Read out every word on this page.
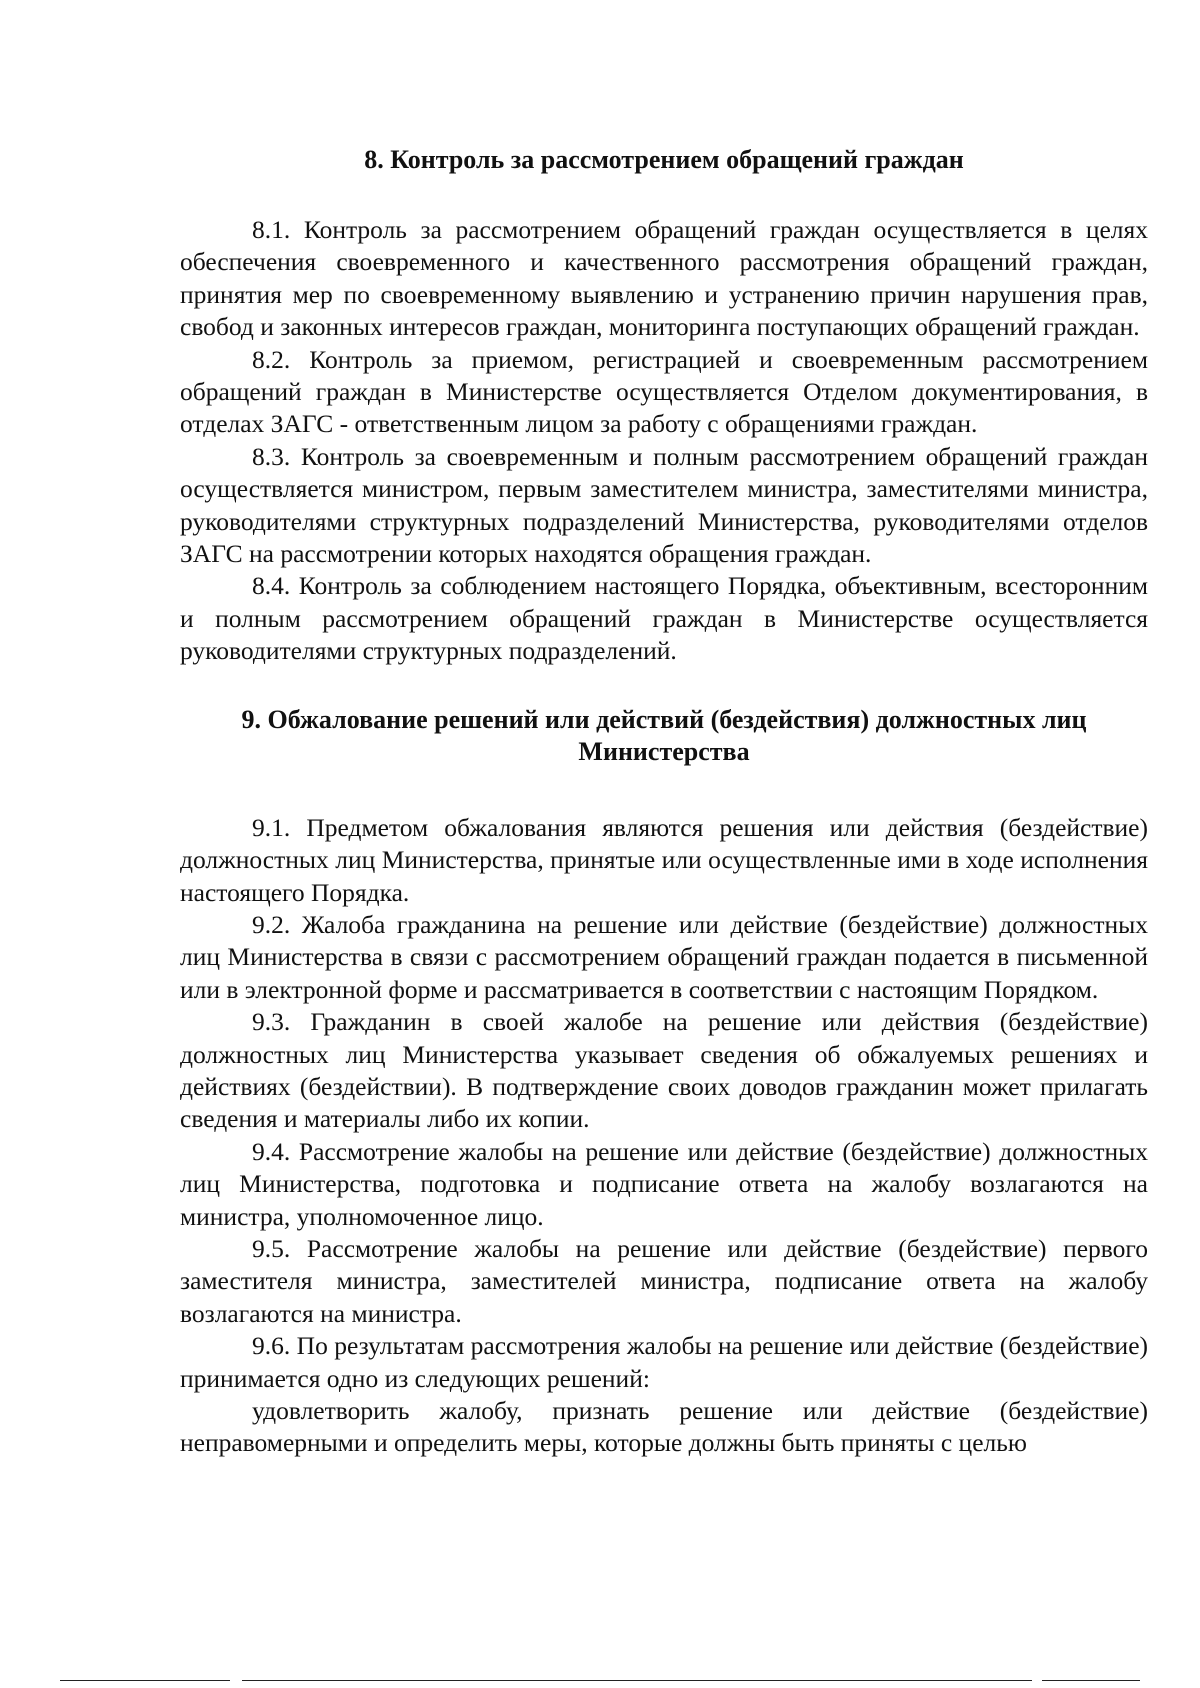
8. Контроль за рассмотрением обращений граждан

8.1. Контроль за рассмотрением обращений граждан осуществляется в целях обеспечения своевременного и качественного рассмотрения обращений граждан, принятия мер по своевременному выявлению и устранению причин нарушения прав, свобод и законных интересов граждан, мониторинга поступающих обращений граждан.

8.2. Контроль за приемом, регистрацией и своевременным рассмотрением обращений граждан в Министерстве осуществляется Отделом документирования, в отделах ЗАГС - ответственным лицом за работу с обращениями граждан.

8.3. Контроль за своевременным и полным рассмотрением обращений граждан осуществляется министром, первым заместителем министра, заместителями министра, руководителями структурных подразделений Министерства, руководителями отделов ЗАГС на рассмотрении которых находятся обращения граждан.

8.4. Контроль за соблюдением настоящего Порядка, объективным, всесторонним и полным рассмотрением обращений граждан в Министерстве осуществляется руководителями структурных подразделений.

9. Обжалование решений или действий (бездействия) должностных лиц
Министерства

9.1. Предметом обжалования являются решения или действия (бездействие) должностных лиц Министерства, принятые или осуществленные ими в ходе исполнения настоящего Порядка.

9.2. Жалоба гражданина на решение или действие (бездействие) должностных лиц Министерства в связи с рассмотрением обращений граждан подается в письменной или в электронной форме и рассматривается в соответствии с настоящим Порядком.

9.3. Гражданин в своей жалобе на решение или действия (бездействие) должностных лиц Министерства указывает сведения об обжалуемых решениях и действиях (бездействии). В подтверждение своих доводов гражданин может прилагать сведения и материалы либо их копии.

9.4. Рассмотрение жалобы на решение или действие (бездействие) должностных лиц Министерства, подготовка и подписание ответа на жалобу возлагаются на министра, уполномоченное лицо.

9.5. Рассмотрение жалобы на решение или действие (бездействие) первого заместителя министра, заместителей министра, подписание ответа на жалобу возлагаются на министра.

9.6. По результатам рассмотрения жалобы на решение или действие (бездействие) принимается одно из следующих решений:

удовлетворить жалобу, признать решение или действие (бездействие) неправомерными и определить меры, которые должны быть приняты с целью
